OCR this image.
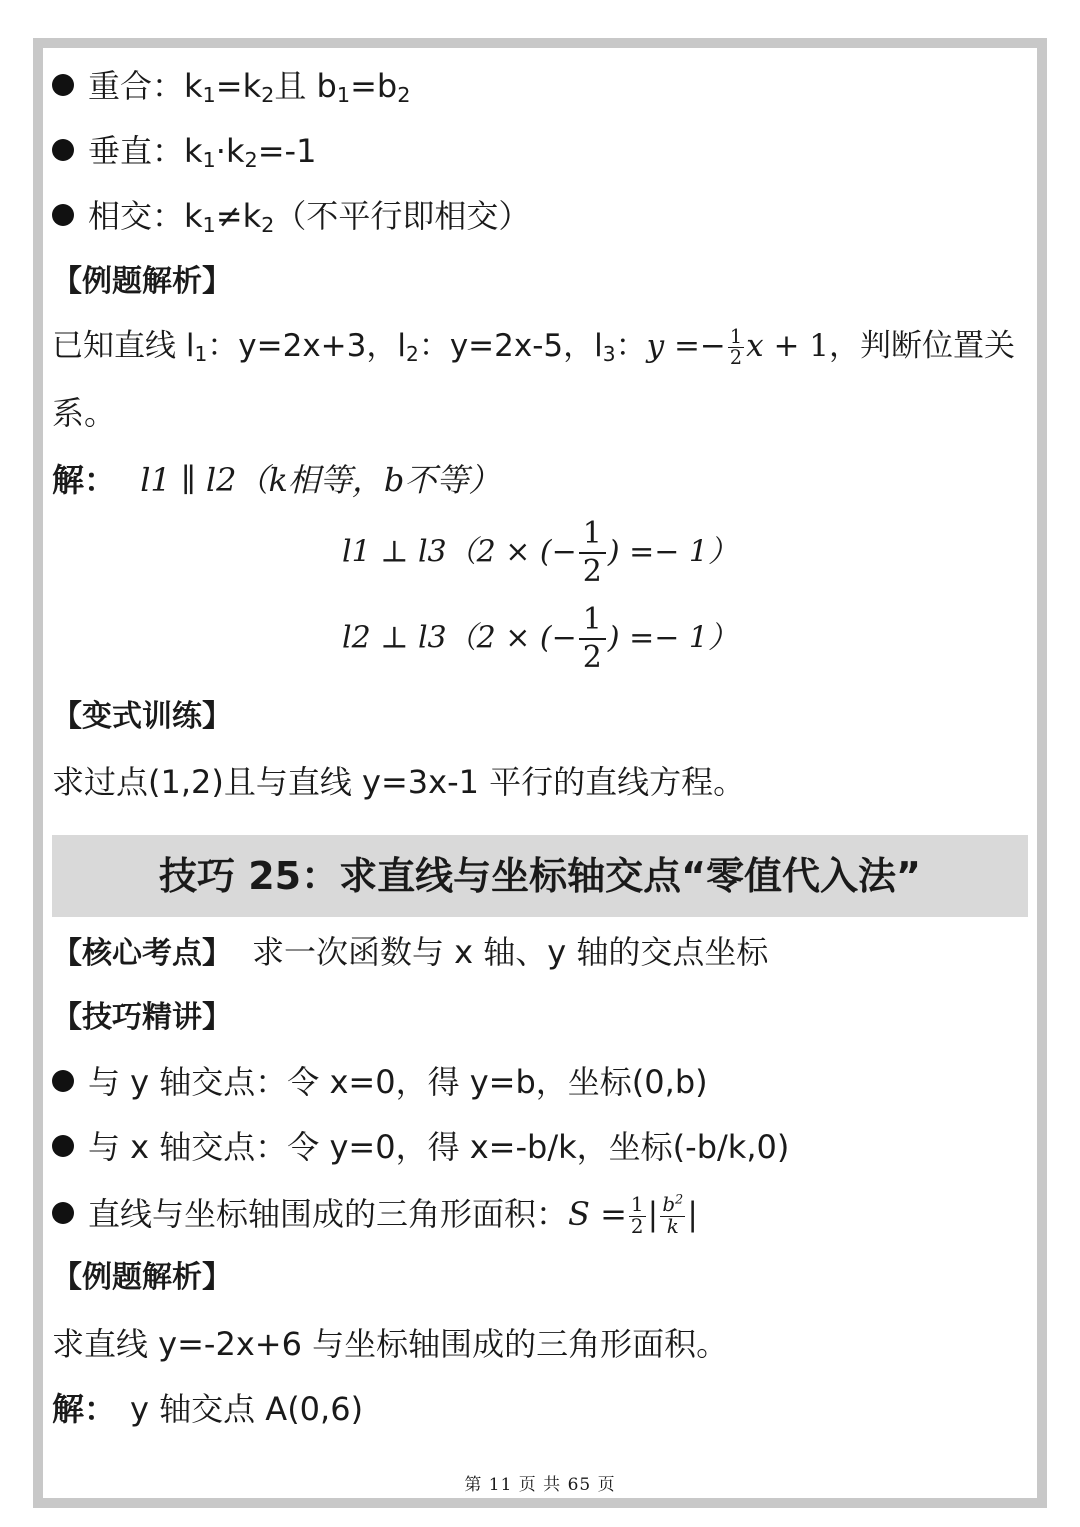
重合：$k_1=k_2$且 $b_1=b_2$
垂直：$k_1\cdot k_2=-1$
相交：$k_1\ne k_2$（不平行即相交）
【例题解析】
已知直线 $l_1$：y=2x+3，$l_2$：y=2x-5，$l_3$：$y =- \frac{1}{2}$ x + 1，判断位置关
系。
解： l1 ∥ l2（k相等，b不等）
l1 ⊥ l3（2 × (− $\frac{1}{2}$ ) =− 1）
l2 ⊥ l3（2 × (− $\frac{1}{2}$ ) =− 1）
【变式训练】
求过点(1,2)且与直线 y=3x-1 平行的直线方程。
技巧 25：求直线与坐标轴交点“零值代入法”
【核心考点】 求一次函数与 x 轴、y 轴的交点坐标
【技巧精讲】
与 y 轴交点：令 x=0，得 y=b，坐标(0,b)
与 x 轴交点：令 y=0，得 x=-b/k，坐标(-b/k,0)
直线与坐标轴围成的三角形面积：$S = \frac{1}{2}$ | $\frac{b^2}{k}$ |
【例题解析】
求直线 y=-2x+6 与坐标轴围成的三角形面积。
解： y 轴交点 A(0,6)
第 11 页 共 65 页
